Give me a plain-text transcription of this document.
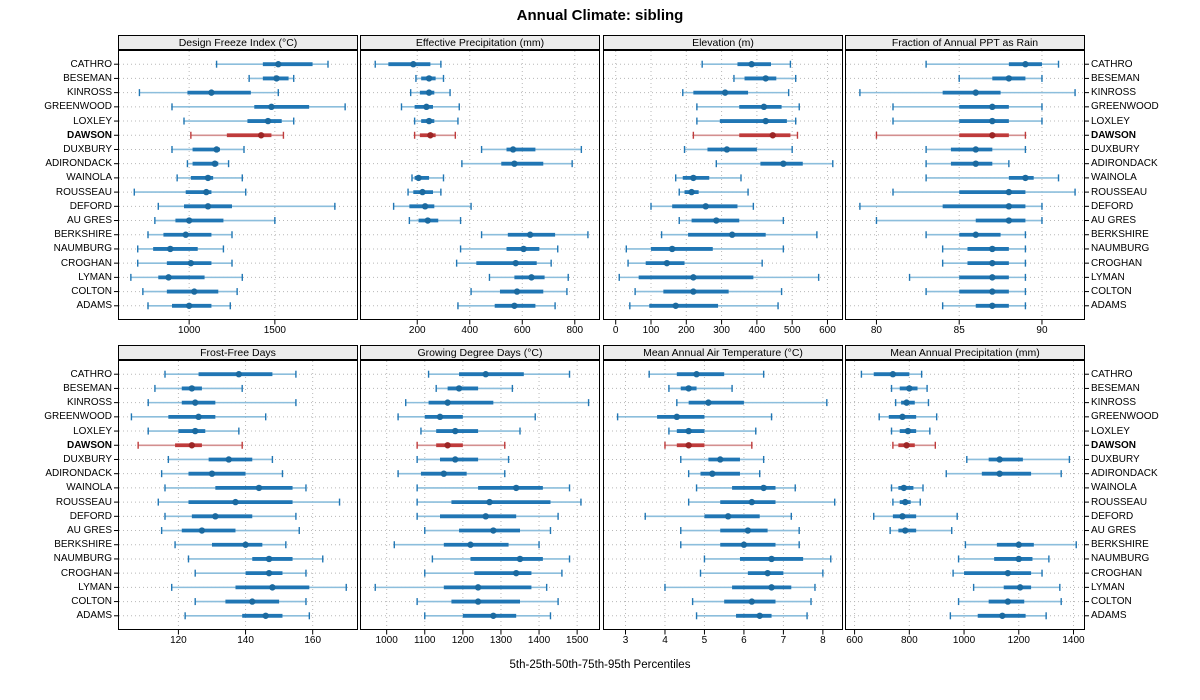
Annual Climate: sibling
Design Freeze Index (°C)
1000	1500
Effective Precipitation (mm)
200	400	600	800
Elevation (m)
0 100 200 300 400 500 600
Fraction of Annual PPT as Rain
80	85	90
Frost-Free Days
120	140	160
Growing Degree Days (°C)
1000 1100 1200 1300 1400 1500
Mean Annual Air Temperature (°C)
3	4	5	6	7	8
Mean Annual Precipitation (mm)
600	800	1000	1200	1400
CATHRO	CATHRO
BESEMAN	BESEMAN
KINROSS	KINROSS
GREENWOOD	GREENWOOD
LOXLEY	LOXLEY
DAWSON	DAWSON
DUXBURY	DUXBURY
ADIRONDACK	ADIRONDACK
WAINOLA	WAINOLA
ROUSSEAU	ROUSSEAU
DEFORD	DEFORD
AU GRES	AU GRES
BERKSHIRE	BERKSHIRE
NAUMBURG	NAUMBURG
CROGHAN	CROGHAN
LYMAN	LYMAN
COLTON	COLTON
ADAMS	ADAMS
CATHRO	CATHRO
BESEMAN	BESEMAN
KINROSS	KINROSS
GREENWOOD	GREENWOOD
LOXLEY	LOXLEY
DAWSON	DAWSON
DUXBURY	DUXBURY
ADIRONDACK	ADIRONDACK
WAINOLA	WAINOLA
ROUSSEAU	ROUSSEAU
DEFORD	DEFORD
AU GRES	AU GRES
BERKSHIRE	BERKSHIRE
NAUMBURG	NAUMBURG
CROGHAN	CROGHAN
LYMAN	LYMAN
COLTON	COLTON
ADAMS	ADAMS
5th-25th-50th-75th-95th Percentiles
